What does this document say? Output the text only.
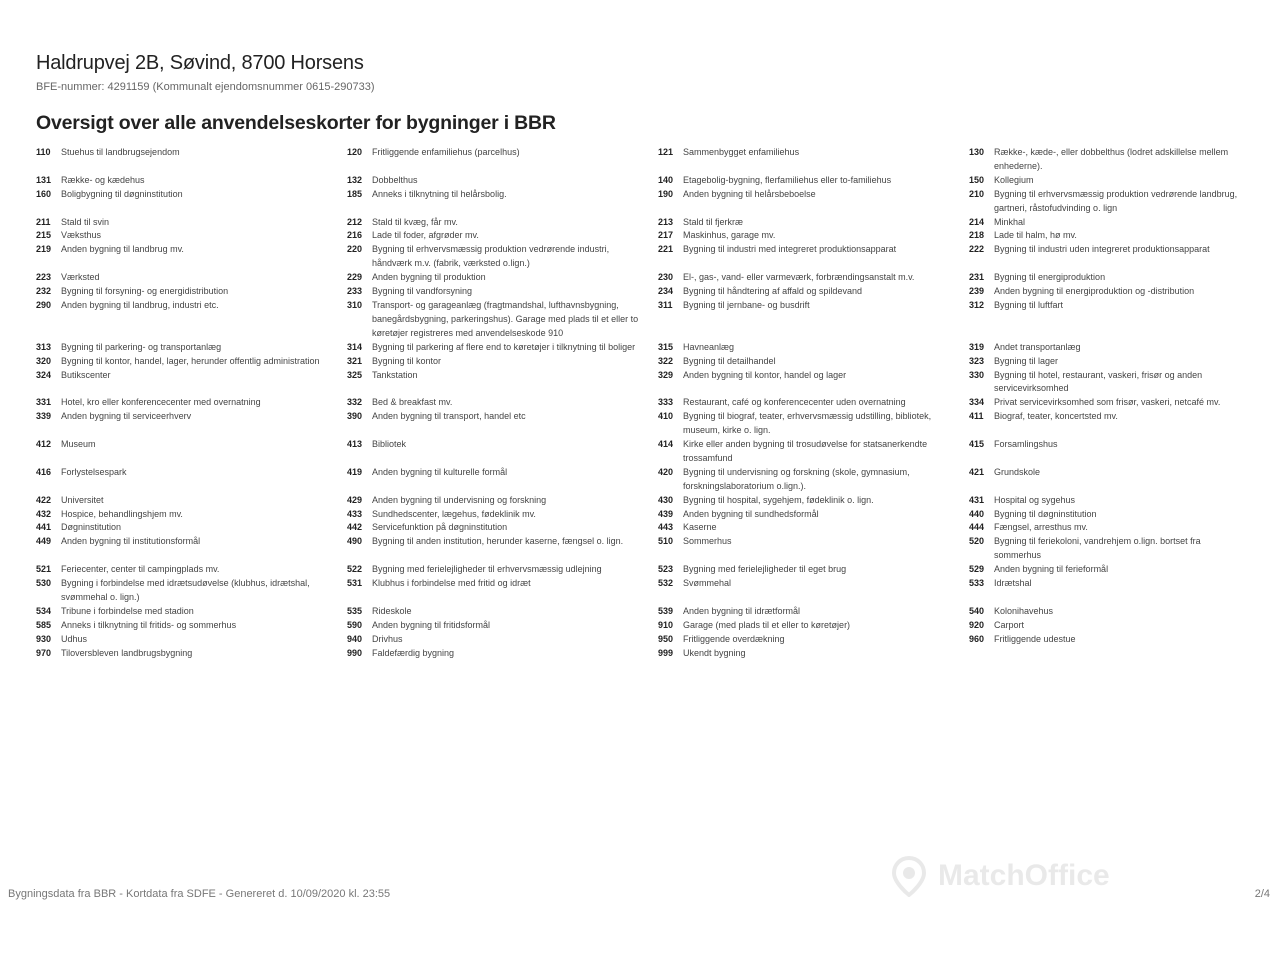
Haldrupvej 2B, Søvind, 8700 Horsens
BFE-nummer: 4291159 (Kommunalt ejendomsnummer 0615-290733)
Oversigt over alle anvendelseskorter for bygninger i BBR
110	Stuehus til landbrugsejendom	120	Fritliggende enfamiliehus (parcelhus)	121	Sammenbygget enfamiliehus	130	Række-, kæde-, eller dobbelthus (lodret adskillelse mellem enhederne).
131	Række- og kædehus	132	Dobbelthus	140	Etagebolig-bygning, flerfamiliehus eller to-familiehus	150	Kollegium
160	Boligbygning til døgninstitution	185	Anneks i tilknytning til helårsbolig.	190	Anden bygning til helårsbeboelse	210	Bygning til erhvervsmæssig produktion vedrørende landbrug, gartneri, råstofudvinding o. lign
211	Stald til svin	212	Stald til kvæg, får mv.	213	Stald til fjerkræ	214	Minkhal
215	Væksthus	216	Lade til foder, afgrøder mv.	217	Maskinhus, garage mv.	218	Lade til halm, hø mv.
219	Anden bygning til landbrug mv.	220	Bygning til erhvervsmæssig produktion vedrørende industri, håndværk m.v. (fabrik, værksted o.lign.)
221	Bygning til industri med integreret produktionsapparat	222	Bygning til industri uden integreret produktionsapparat
223	Værksted	229	Anden bygning til produktion	230	El-, gas-, vand- eller varmeværk, forbrændingsanstalt m.v.	231	Bygning til energiproduktion
232	Bygning til forsyning- og energidistribution	233	Bygning til vandforsyning	234	Bygning til håndtering af affald og spildevand	239	Anden bygning til energiproduktion og -distribution
290	Anden bygning til landbrug, industri etc.	310	Transport- og garageanlæg (fragtmandshal, lufthavnsbygning, banegårdsbygning, parkeringshus). Garage med plads til et eller to køretøjer registreres med anvendelseskode 910
311	Bygning til jernbane- og busdrift	312	Bygning til luftfart
313	Bygning til parkering- og transportanlæg	314	Bygning til parkering af flere end to køretøjer i tilknytning til boliger	315	Havneanlæg	319	Andet transportanlæg
320	Bygning til kontor, handel, lager, herunder offentlig administration	321	Bygning til kontor	322	Bygning til detailhandel	323	Bygning til lager
324	Butikscenter	325	Tankstation	329	Anden bygning til kontor, handel og lager	330	Bygning til hotel, restaurant, vaskeri, frisør og anden servicevirksomhed
331	Hotel, kro eller konferencecenter med overnatning	332	Bed & breakfast mv.	333	Restaurant, café og konferencecenter uden overnatning	334	Privat servicevirksomhed som frisør, vaskeri, netcafé mv.
339	Anden bygning til serviceerhverv	390	Anden bygning til transport, handel etc	410	Bygning til biograf, teater, erhvervsmæssig udstilling, bibliotek, museum, kirke o. lign.
411	Biograf, teater, koncertsted mv.
412	Museum	413	Bibliotek	414	Kirke eller anden bygning til trosudøvelse for statsanerkendte trossamfund
415	Forsamlingshus
416	Forlystelsespark	419	Anden bygning til kulturelle formål	420	Bygning til undervisning og forskning (skole, gymnasium, forskningslaboratorium o.lign.).
421	Grundskole
422	Universitet	429	Anden bygning til undervisning og forskning	430	Bygning til hospital, sygehjem, fødeklinik o. lign.	431	Hospital og sygehus
432	Hospice, behandlingshjem mv.	433	Sundhedscenter, lægehus, fødeklinik mv.	439	Anden bygning til sundhedsformål	440	Bygning til døgninstitution
441	Døgninstitution	442	Servicefunktion på døgninstitution	443	Kaserne	444	Fængsel, arresthus mv.
449	Anden bygning til institutionsformål	490	Bygning til anden institution, herunder kaserne, fængsel o. lign.	510	Sommerhus	520	Bygning til feriekoloni, vandrehjem o.lign. bortset fra sommerhus
521	Feriecenter, center til campingplads mv.	522	Bygning med ferielejligheder til erhvervsmæssig udlejning	523	Bygning med ferielejligheder til eget brug	529	Anden bygning til ferieformål
530	Bygning i forbindelse med idrætsudøvelse (klubhus, idrætshal, svømmehal o. lign.)
531	Klubhus i forbindelse med fritid og idræt	532	Svømmehal	533	Idrætshal
534	Tribune i forbindelse med stadion	535	Rideskole	539	Anden bygning til idrætformål	540	Kolonihavehus
585	Anneks i tilknytning til fritids- og sommerhus	590	Anden bygning til fritidsformål	910	Garage (med plads til et eller to køretøjer)	920	Carport
930	Udhus	940	Drivhus	950	Fritliggende overdækning	960	Fritliggende udestue
970	Tiloversbleven landbrugsbygning	990	Faldefærdig bygning	999	Ukendt bygning
MatchOffice
Bygningsdata fra BBR - Kortdata fra SDFE - Genereret d. 10/09/2020 kl. 23:55	2/4
